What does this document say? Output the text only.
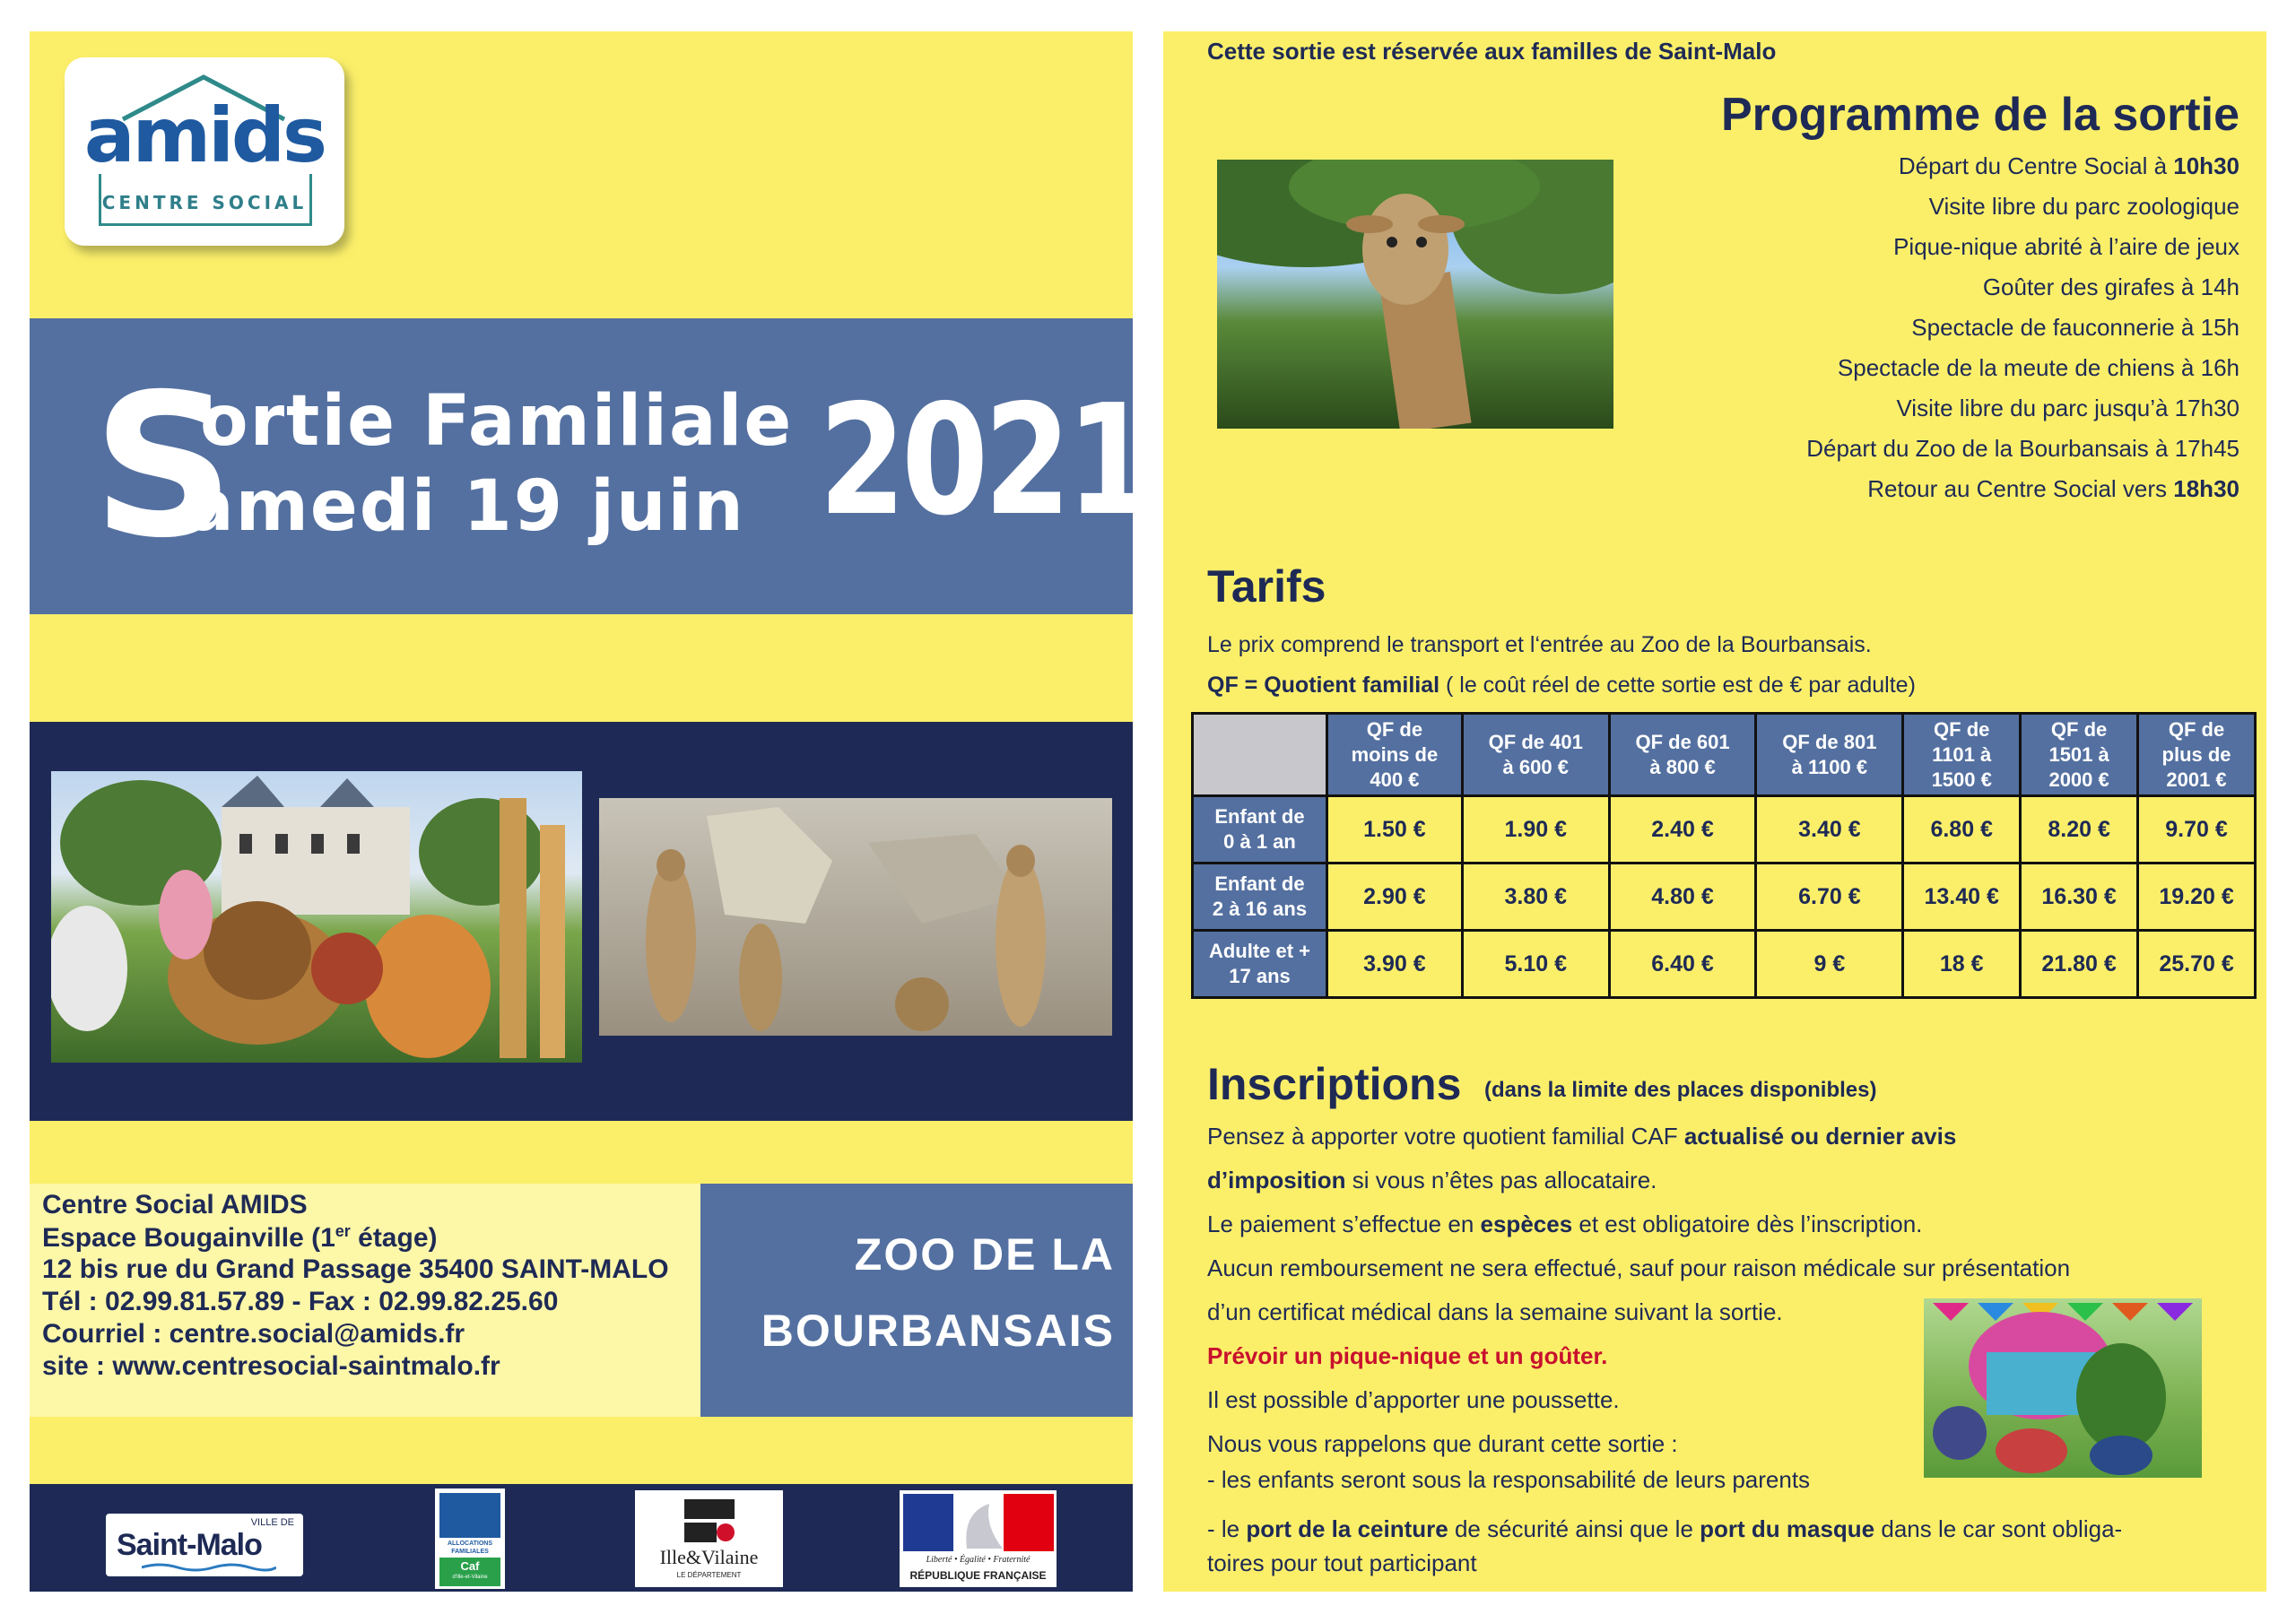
amids
CENTRE SOCIAL
S
ortie Familiale
amedi 19 juin 2021
Centre Social AMIDS
Espace Bougainville (1er étage)
12 bis rue du Grand Passage 35400 SAINT-MALO
Tél : 02.99.81.57.89 - Fax : 02.99.82.25.60
Courriel : centre.social@amids.fr
site : www.centresocial-saintmalo.fr
ZOO DE LA
BOURBANSAIS
VILLE DE
Saint-Malo	ALLOCATIONS
FAMILIALES
Caf
d'Ille-et-Vilaine
Ille&Vilaine
LE DÉPARTEMENT
Liberté • Égalité • Fraternité
RÉPUBLIQUE FRANÇAISE
Cette sortie est réservée aux familles de Saint-Malo
Programme de la sortie
Départ du Centre Social à 10h30
Visite libre du parc zoologique
Pique-nique abrité à l’aire de jeux
Goûter des girafes à 14h
Spectacle de fauconnerie à 15h
Spectacle de la meute de chiens à 16h
Visite libre du parc jusqu’à 17h30
Départ du Zoo de la Bourbansais à 17h45
Retour au Centre Social vers 18h30
Tarifs
Le prix comprend le transport et l‘entrée au Zoo de la Bourbansais.
QF = Quotient familial ( le coût réel de cette sortie est de € par adulte)
	QF de
moins de
400 €	QF de 401
à 600 €	QF de 601
à 800 €	QF de 801
à 1100 €	QF de
1101 à
1500 €	QF de
1501 à
2000 €	QF de
plus de
2001 €
Enfant de
0 à 1 an	1.50 €	1.90 €	2.40 €	3.40 €	6.80 €	8.20 €	9.70 €
Enfant de
2 à 16 ans	2.90 €	3.80 €	4.80 €	6.70 €	13.40 €	16.30 €	19.20 €
Adulte et +
17 ans	3.90 €	5.10 €	6.40 €	9 €	18 €	21.80 €	25.70 €
Inscriptions (dans la limite des places disponibles)
Pensez à apporter votre quotient familial CAF actualisé ou dernier avis
d’imposition si vous n’êtes pas allocataire.
Le paiement s’effectue en espèces et est obligatoire dès l’inscription.
Aucun remboursement ne sera effectué, sauf pour raison médicale sur présentation
d’un certificat médical dans la semaine suivant la sortie.
Prévoir un pique-nique et un goûter.
Il est possible d’apporter une poussette.
Nous vous rappelons que durant cette sortie :
- les enfants seront sous la responsabilité de leurs parents
- le port de la ceinture de sécurité ainsi que le port du masque dans le car sont obliga-
toires pour tout participant
